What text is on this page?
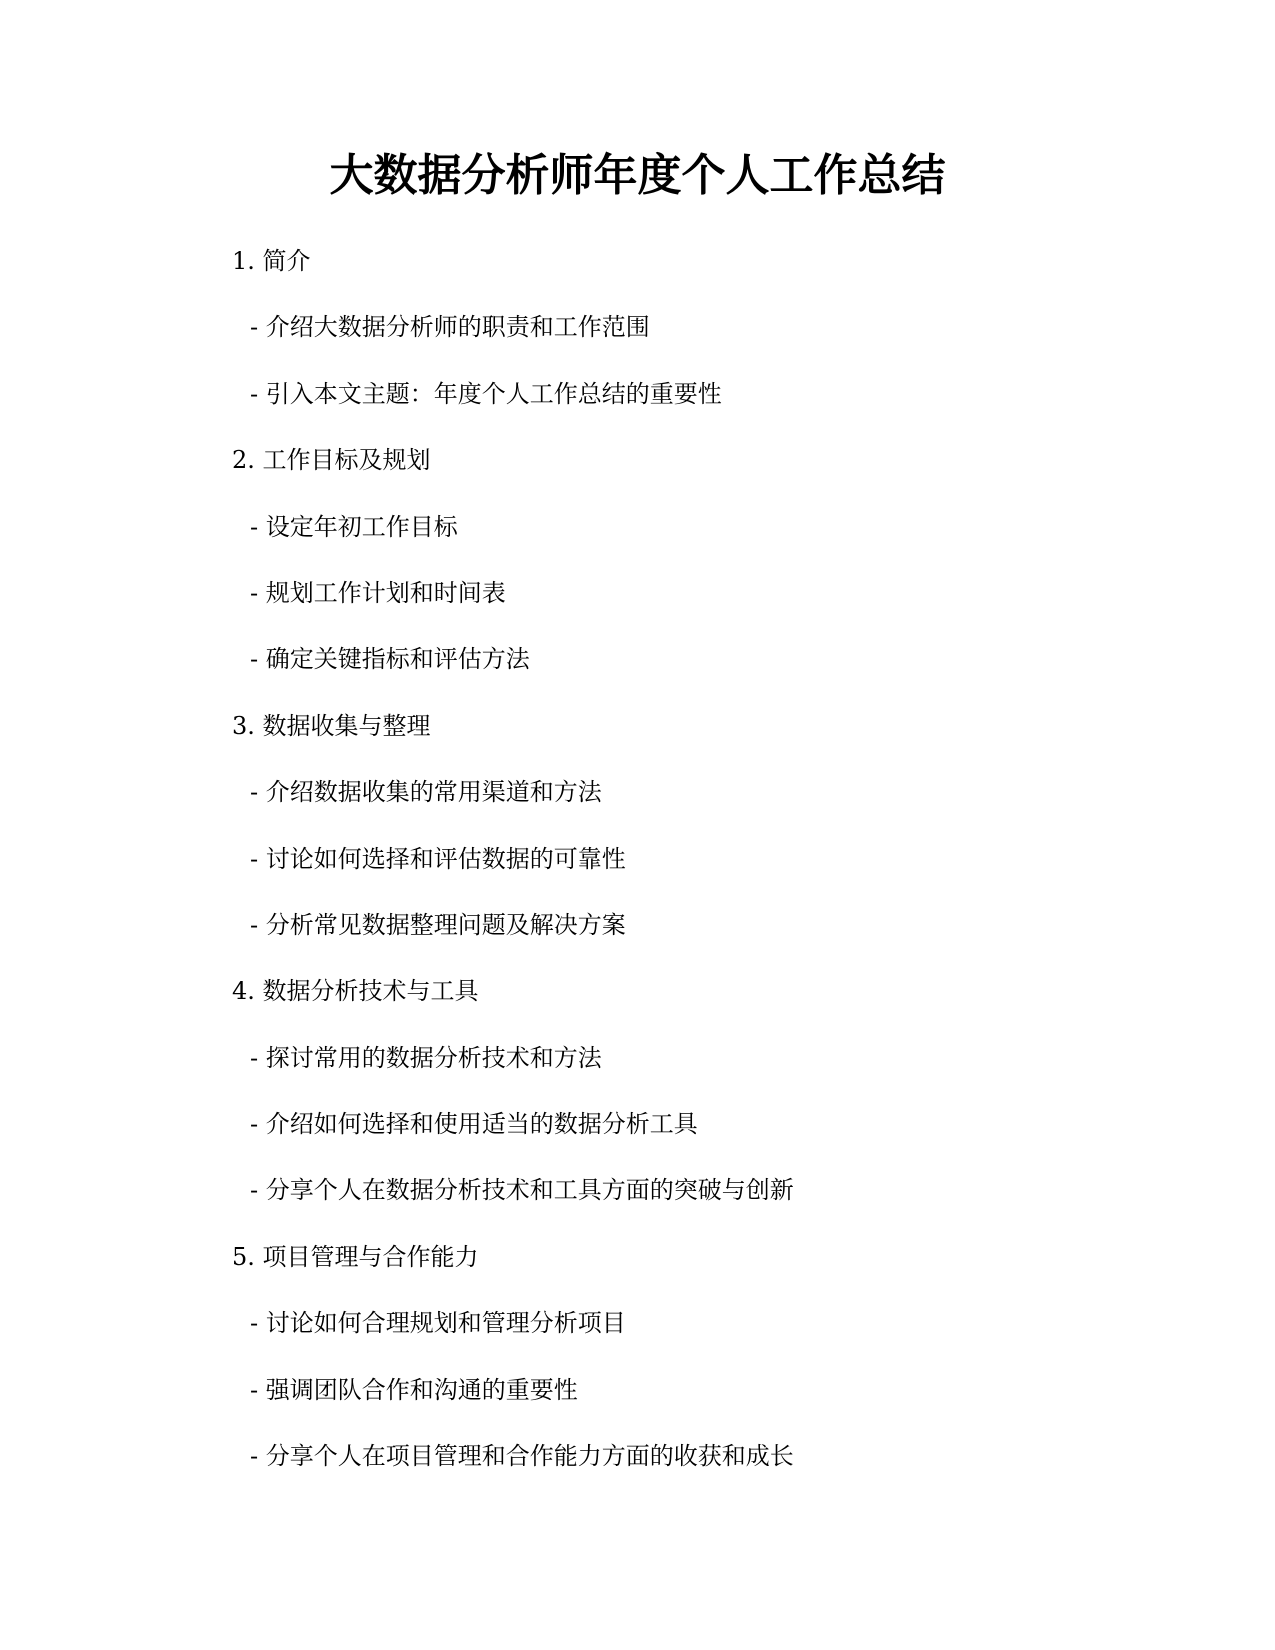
大数据分析师年度个人工作总结
1. 简介
- 介绍大数据分析师的职责和工作范围
- 引入本文主题：年度个人工作总结的重要性
2. 工作目标及规划
- 设定年初工作目标
- 规划工作计划和时间表
- 确定关键指标和评估方法
3. 数据收集与整理
- 介绍数据收集的常用渠道和方法
- 讨论如何选择和评估数据的可靠性
- 分析常见数据整理问题及解决方案
4. 数据分析技术与工具
- 探讨常用的数据分析技术和方法
- 介绍如何选择和使用适当的数据分析工具
- 分享个人在数据分析技术和工具方面的突破与创新
5. 项目管理与合作能力
- 讨论如何合理规划和管理分析项目
- 强调团队合作和沟通的重要性
- 分享个人在项目管理和合作能力方面的收获和成长
